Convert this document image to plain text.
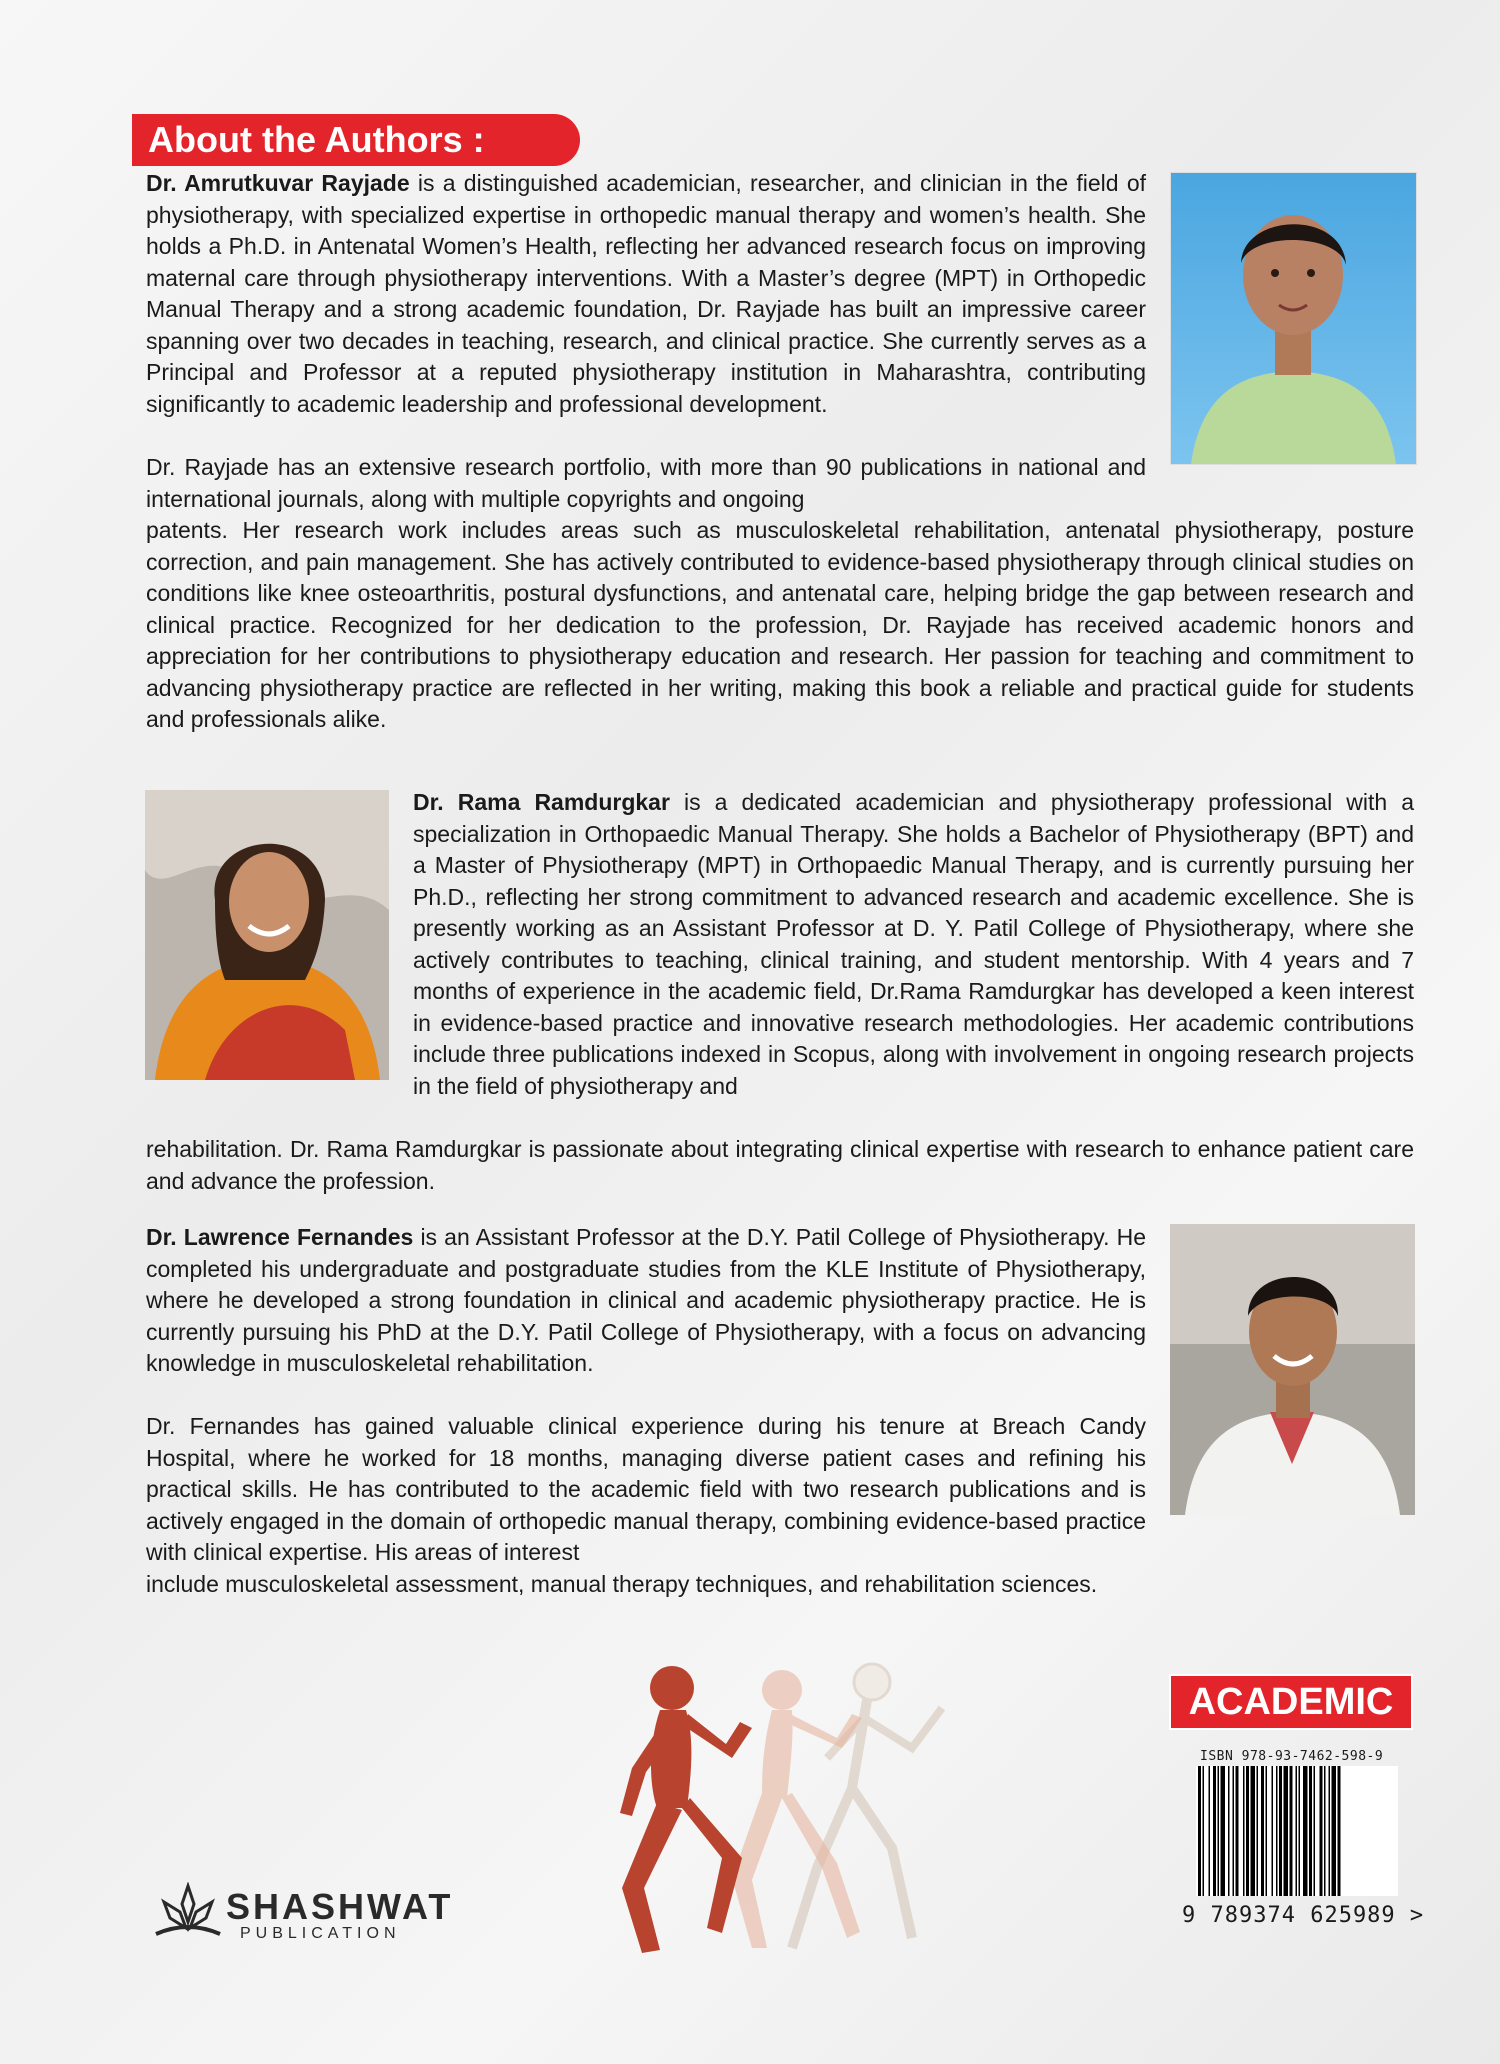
About the Authors :

Dr. Amrutkuvar Rayjade is a distinguished academician, researcher, and clinician in the field of physiotherapy, with specialized expertise in orthopedic manual therapy and women’s health. She holds a Ph.D. in Antenatal Women’s Health, reflecting her advanced research focus on improving maternal care through physiotherapy interventions. With a Master’s degree (MPT) in Orthopedic Manual Therapy and a strong academic foundation, Dr. Rayjade has built an impressive career spanning over two decades in teaching, research, and clinical practice. She currently serves as a Principal and Professor at a reputed physiotherapy institution in Maharashtra, contributing significantly to academic leadership and professional development.

Dr. Rayjade has an extensive research portfolio, with more than 90 publications in national and international journals, along with multiple copyrights and ongoing

patents. Her research work includes areas such as musculoskeletal rehabilitation, antenatal physiotherapy, posture correction, and pain management. She has actively contributed to evidence-based physiotherapy through clinical studies on conditions like knee osteoarthritis, postural dysfunctions, and antenatal care, helping bridge the gap between research and clinical practice. Recognized for her dedication to the profession, Dr. Rayjade has received academic honors and appreciation for her contributions to physiotherapy education and research. Her passion for teaching and commitment to advancing physiotherapy practice are reflected in her writing, making this book a reliable and practical guide for students and professionals alike.

Dr. Rama Ramdurgkar is a dedicated academician and physiotherapy professional with a specialization in Orthopaedic Manual Therapy. She holds a Bachelor of Physiotherapy (BPT) and a Master of Physiotherapy (MPT) in Orthopaedic Manual Therapy, and is currently pursuing her Ph.D., reflecting her strong commitment to advanced research and academic excellence. She is presently working as an Assistant Professor at D. Y. Patil College of Physiotherapy, where she actively contributes to teaching, clinical training, and student mentorship. With 4 years and 7 months of experience in the academic field, Dr.Rama Ramdurgkar has developed a keen interest in evidence-based practice and innovative research methodologies. Her academic contributions include three publications indexed in Scopus, along with involvement in ongoing research projects in the field of physiotherapy and

rehabilitation. Dr. Rama Ramdurgkar is passionate about integrating clinical expertise with research to enhance patient care and advance the profession.

Dr. Lawrence Fernandes is an Assistant Professor at the D.Y. Patil College of Physiotherapy. He completed his undergraduate and postgraduate studies from the KLE Institute of Physiotherapy, where he developed a strong foundation in clinical and academic physiotherapy practice. He is currently pursuing his PhD at the D.Y. Patil College of Physiotherapy, with a focus on advancing knowledge in musculoskeletal rehabilitation.

Dr. Fernandes has gained valuable clinical experience during his tenure at Breach Candy Hospital, where he worked for 18 months, managing diverse patient cases and refining his practical skills. He has contributed to the academic field with two research publications and is actively engaged in the domain of orthopedic manual therapy, combining evidence-based practice with clinical expertise. His areas of interest

include musculoskeletal assessment, manual therapy techniques, and rehabilitation sciences.

SHASHWAT
PUBLICATION
ACADEMIC
ISBN 978-93-7462-598-9
9 789374 625989 >
